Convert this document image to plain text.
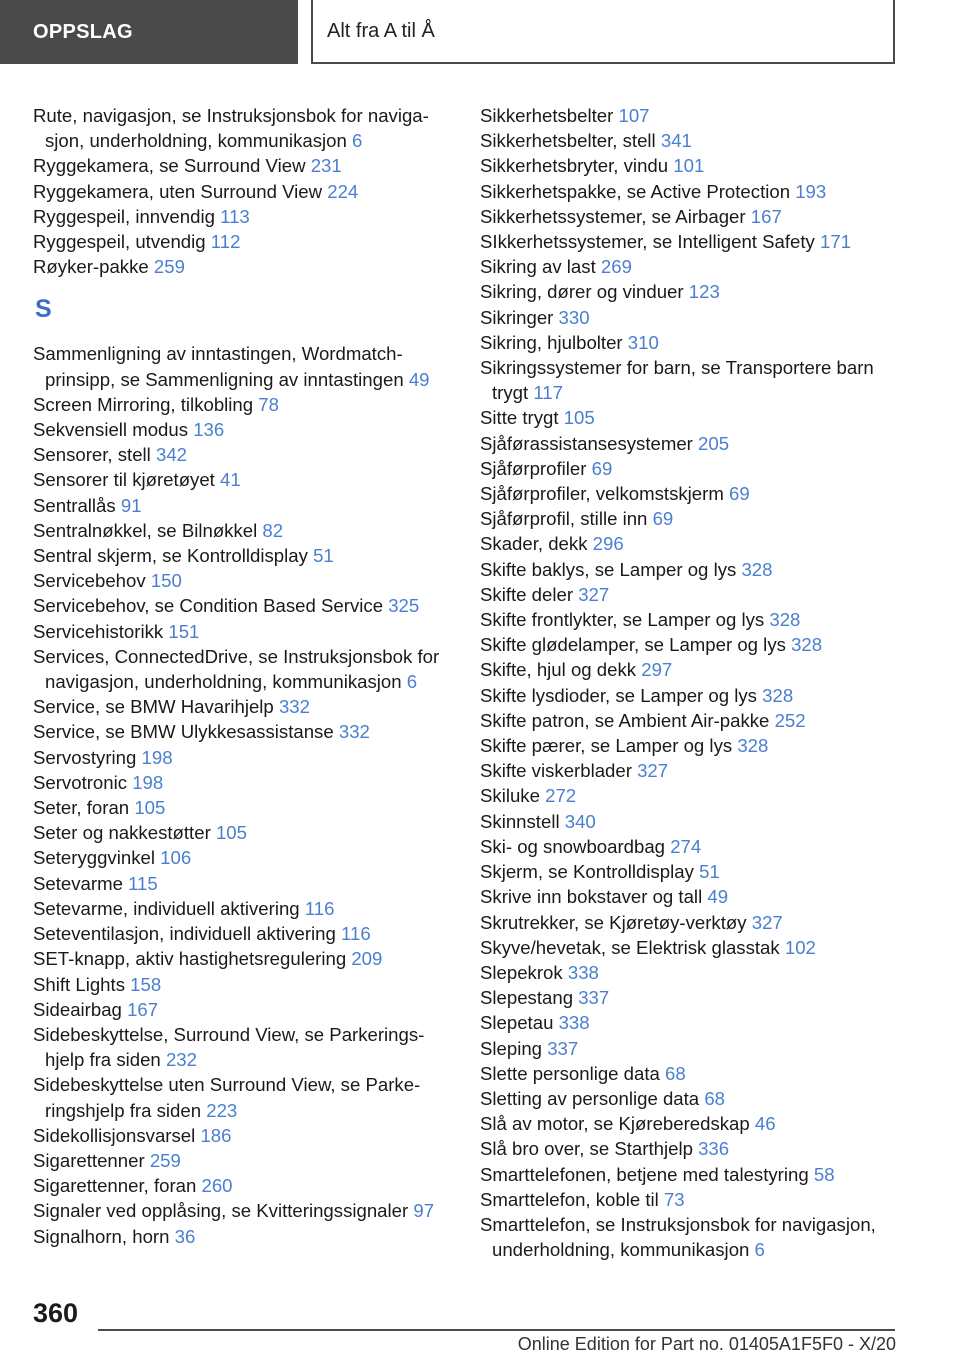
OPPSLAG	Alt fra A til Å
Rute, navigasjon, se Instruksjonsbok for naviga‐sjon, underholdning, kommunikasjon 6
Ryggekamera, se Surround View 231
Ryggekamera, uten Surround View 224
Ryggespeil, innvendig 113
Ryggespeil, utvendig 112
Røyker-pakke 259
S
Sammenligning av inntastingen, Wordmatch-prinsipp, se Sammenligning av inntastingen 49
Screen Mirroring, tilkobling 78
Sekvensiell modus 136
Sensorer, stell 342
Sensorer til kjøretøyet 41
Sentrallås 91
Sentralnøkkel, se Bilnøkkel 82
Sentral skjerm, se Kontrolldisplay 51
Servicebehov 150
Servicebehov, se Condition Based Service 325
Servicehistorikk 151
Services, ConnectedDrive, se Instruksjonsbok for navigasjon, underholdning, kommunikasjon 6
Service, se BMW Havarihjelp 332
Service, se BMW Ulykkesassistanse 332
Servostyring 198
Servotronic 198
Seter, foran 105
Seter og nakkestøtter 105
Seteryggvinkel 106
Setevarme 115
Setevarme, individuell aktivering 116
Seteventilasjon, individuell aktivering 116
SET-knapp, aktiv hastighetsregulering 209
Shift Lights 158
Sideairbag 167
Sidebeskyttelse, Surround View, se Parkerings‐hjelp fra siden 232
Sidebeskyttelse uten Surround View, se Parke‐ringshjelp fra siden 223
Sidekollisjonsvarsel 186
Sigarettenner 259
Sigarettenner, foran 260
Signaler ved opplåsing, se Kvitteringssignaler 97
Signalhorn, horn 36
Sikkerhetsbelter 107
Sikkerhetsbelter, stell 341
Sikkerhetsbryter, vindu 101
Sikkerhetspakke, se Active Protection 193
Sikkerhetssystemer, se Airbager 167
SIkkerhetssystemer, se Intelligent Safety 171
Sikring av last 269
Sikring, dører og vinduer 123
Sikringer 330
Sikring, hjulbolter 310
Sikringssystemer for barn, se Transportere barn trygt 117
Sitte trygt 105
Sjåførassistansesystemer 205
Sjåførprofiler 69
Sjåførprofiler, velkomstskjerm 69
Sjåførprofil, stille inn 69
Skader, dekk 296
Skifte baklys, se Lamper og lys 328
Skifte deler 327
Skifte frontlykter, se Lamper og lys 328
Skifte glødelamper, se Lamper og lys 328
Skifte, hjul og dekk 297
Skifte lysdioder, se Lamper og lys 328
Skifte patron, se Ambient Air-pakke 252
Skifte pærer, se Lamper og lys 328
Skifte viskerblader 327
Skiluke 272
Skinnstell 340
Ski- og snowboardbag 274
Skjerm, se Kontrolldisplay 51
Skrive inn bokstaver og tall 49
Skrutrekker, se Kjøretøy-verktøy 327
Skyve/hevetak, se Elektrisk glasstak 102
Slepekrok 338
Slepestang 337
Slepetau 338
Sleping 337
Slette personlige data 68
Sletting av personlige data 68
Slå av motor, se Kjøreberedskap 46
Slå bro over, se Starthjelp 336
Smarttelefonen, betjene med talestyring 58
Smarttelefon, koble til 73
Smarttelefon, se Instruksjonsbok for navigasjon, underholdning, kommunikasjon 6
360
Online Edition for Part no. 01405A1F5F0 - X/20
